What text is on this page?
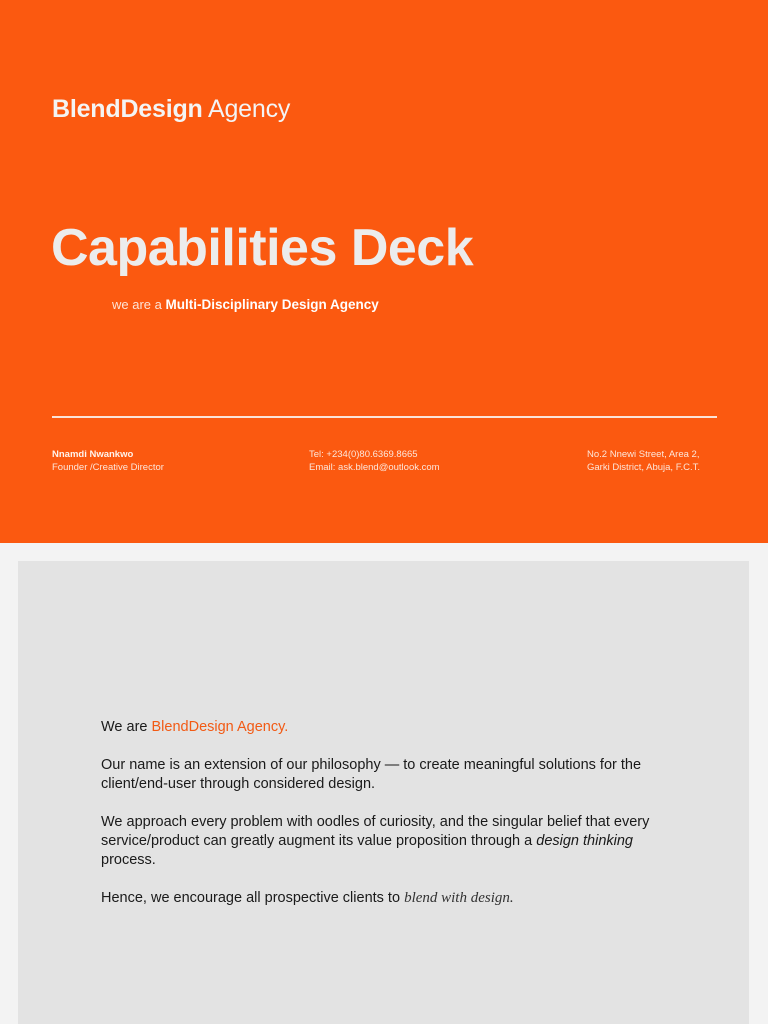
BlendDesign Agency
Capabilities Deck
we are a Multi-Disciplinary Design Agency
Nnamdi Nwankwo
Founder /Creative Director
Tel: +234(0)80.6369.8665
Email: ask.blend@outlook.com
No.2 Nnewi Street, Area 2,
Garki District, Abuja, F.C.T.

We are BlendDesign Agency.

Our name is an extension of our philosophy — to create meaningful solutions for the client/end-user through considered design.

We approach every problem with oodles of curiosity, and the singular belief that every service/product can greatly augment its value proposition through a design thinking process.

Hence, we encourage all prospective clients to blend with design.
